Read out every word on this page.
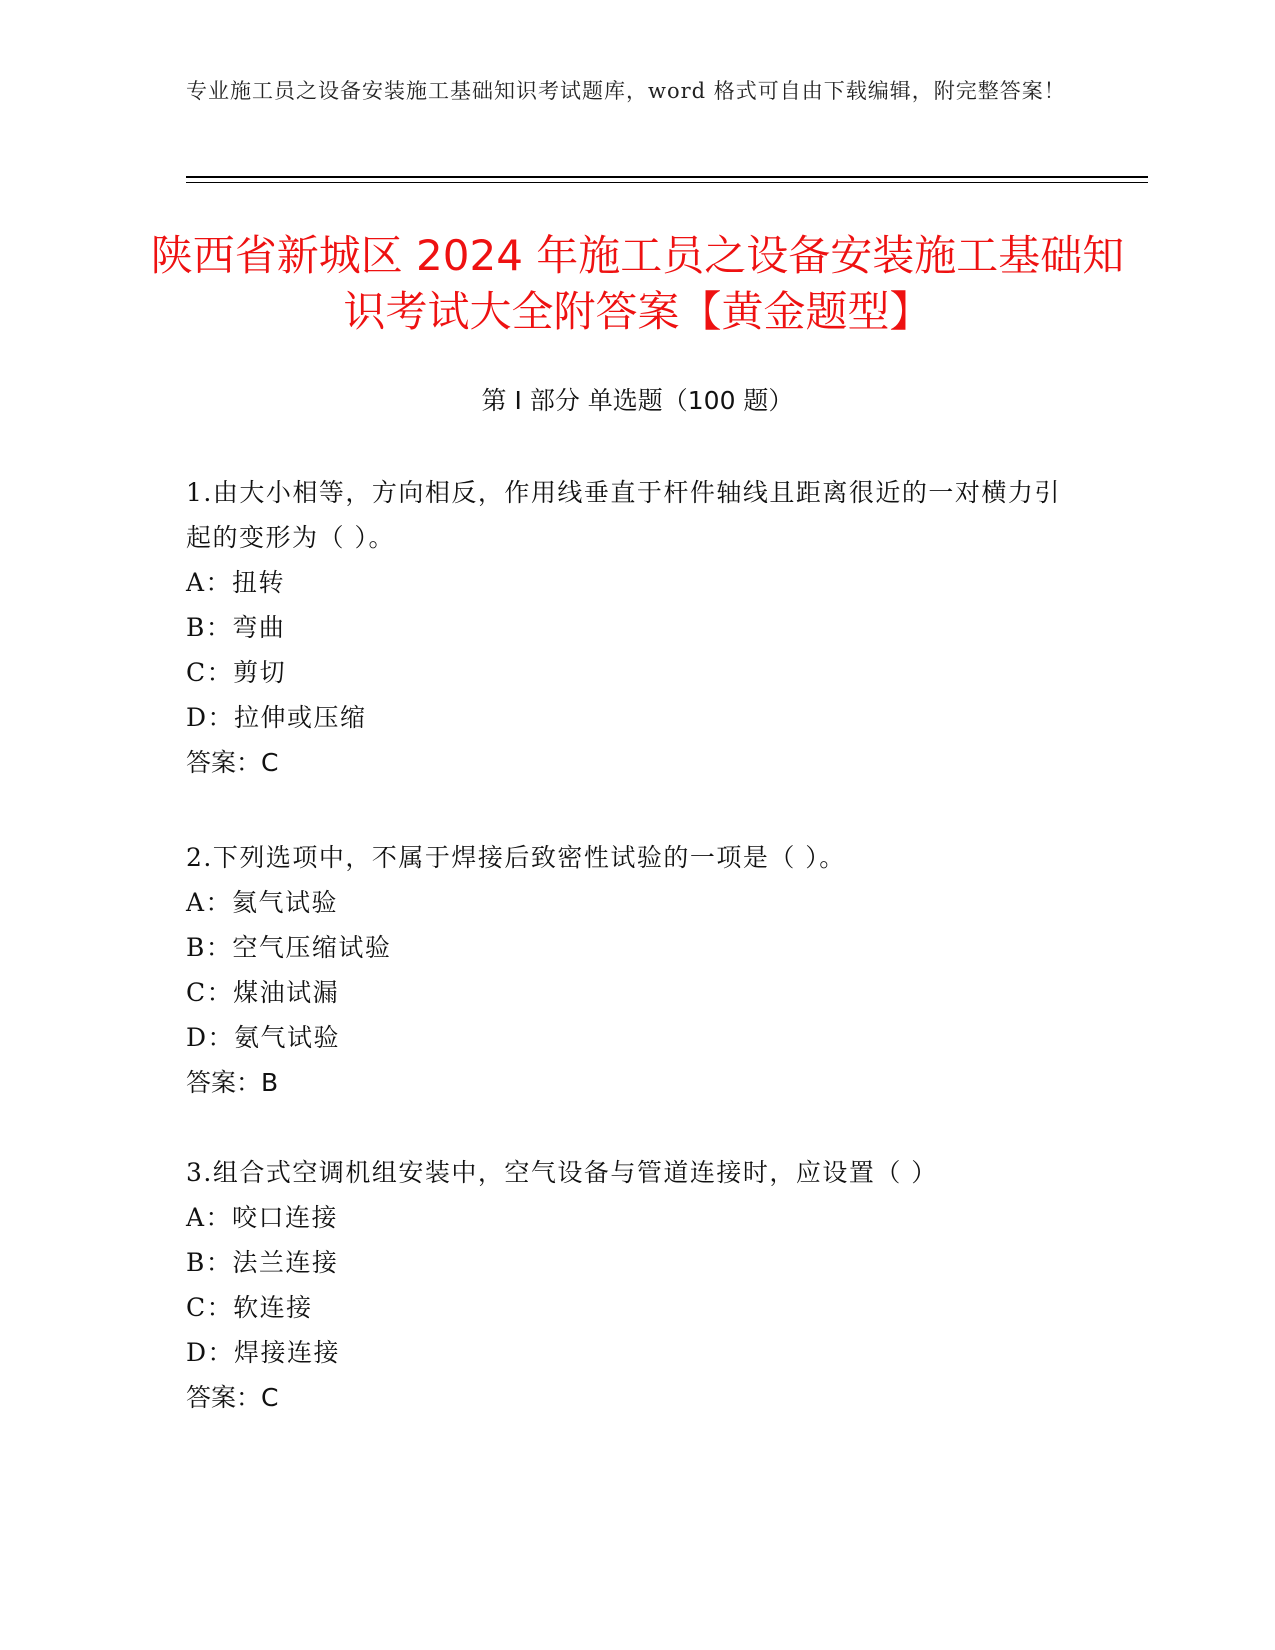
专业施工员之设备安装施工基础知识考试题库，word 格式可自由下载编辑，附完整答案！
陕西省新城区 2024 年施工员之设备安装施工基础知识考试大全附答案【黄金题型】
第 I 部分 单选题（100 题）

1.由大小相等，方向相反，作用线垂直于杆件轴线且距离很近的一对横力引起的变形为（ ）。

A：扭转

B：弯曲

C：剪切

D：拉伸或压缩

答案：C

2.下列选项中，不属于焊接后致密性试验的一项是（ ）。

A：氦气试验

B：空气压缩试验

C：煤油试漏

D：氨气试验

答案：B

3.组合式空调机组安装中，空气设备与管道连接时，应设置（ ）

A：咬口连接

B：法兰连接

C：软连接

D：焊接连接

答案：C
